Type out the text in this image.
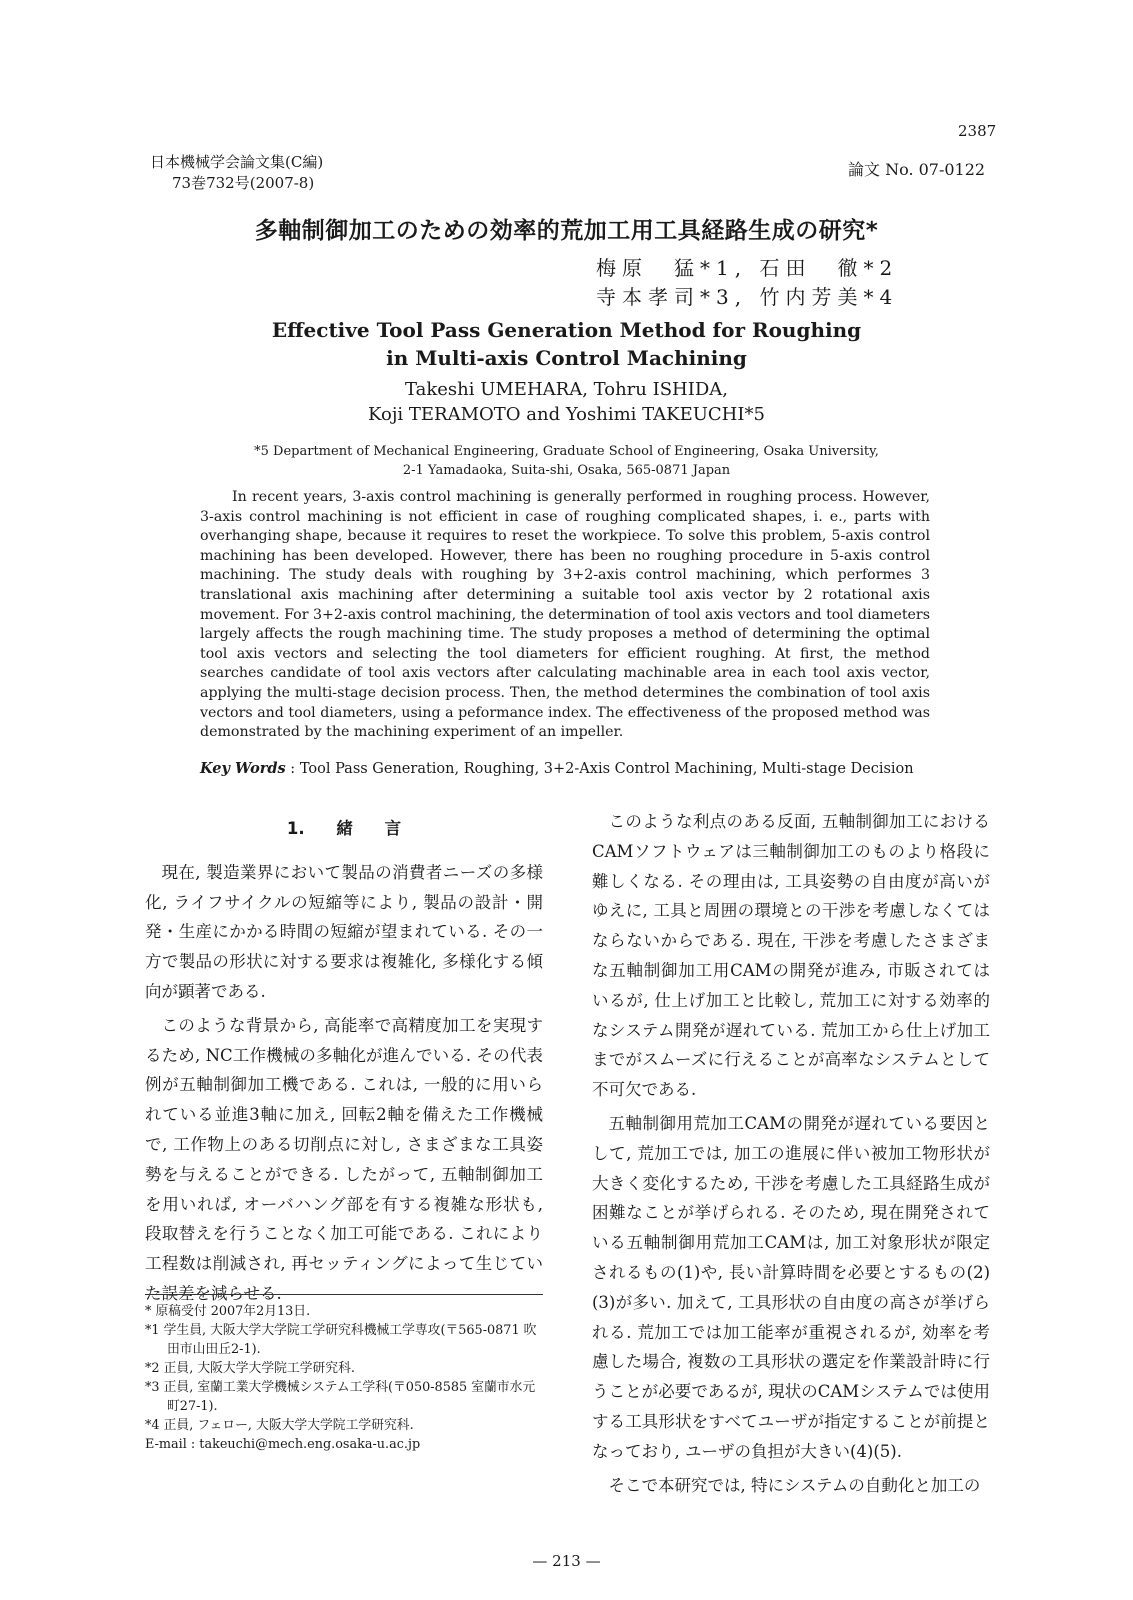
2387
日本機械学会論文集(C編)
73巻732号(2007-8)
論文 No. 07-0122
多軸制御加工のための効率的荒加工用工具経路生成の研究*
梅原　猛*1, 石田　徹*2
寺本孝司*3, 竹内芳美*4
Effective Tool Pass Generation Method for Roughing
in Multi-axis Control Machining
Takeshi UMEHARA, Tohru ISHIDA,
Koji TERAMOTO and Yoshimi TAKEUCHI*5
*5 Department of Mechanical Engineering, Graduate School of Engineering, Osaka University,
2-1 Yamadaoka, Suita-shi, Osaka, 565-0871 Japan

In recent years, 3-axis control machining is generally performed in roughing process. However, 3-axis control machining is not efficient in case of roughing complicated shapes, i. e., parts with overhanging shape, because it requires to reset the workpiece. To solve this problem, 5-axis control machining has been developed. However, there has been no roughing procedure in 5-axis control machining. The study deals with roughing by 3+2-axis control machining, which performes 3 translational axis machining after determining a suitable tool axis vector by 2 rotational axis movement. For 3+2-axis control machining, the determination of tool axis vectors and tool diameters largely affects the rough machining time. The study proposes a method of determining the optimal tool axis vectors and selecting the tool diameters for efficient roughing. At first, the method searches candidate of tool axis vectors after calculating machinable area in each tool axis vector, applying the multi-stage decision process. Then, the method determines the combination of tool axis vectors and tool diameters, using a peformance index. The effectiveness of the proposed method was demonstrated by the machining experiment of an impeller.

Key Words : Tool Pass Generation, Roughing, 3+2-Axis Control Machining, Multi-stage Decision
1. 緒 言

現在, 製造業界において製品の消費者ニーズの多様化, ライフサイクルの短縮等により, 製品の設計・開発・生産にかかる時間の短縮が望まれている. その一方で製品の形状に対する要求は複雑化, 多様化する傾向が顕著である.

このような背景から, 高能率で高精度加工を実現するため, NC工作機械の多軸化が進んでいる. その代表例が五軸制御加工機である. これは, 一般的に用いられている並進3軸に加え, 回転2軸を備えた工作機械で, 工作物上のある切削点に対し, さまざまな工具姿勢を与えることができる. したがって, 五軸制御加工を用いれば, オーバハング部を有する複雑な形状も, 段取替えを行うことなく加工可能である. これにより工程数は削減され, 再セッティングによって生じていた誤差を減らせる.

このような利点のある反面, 五軸制御加工におけるCAMソフトウェアは三軸制御加工のものより格段に難しくなる. その理由は, 工具姿勢の自由度が高いがゆえに, 工具と周囲の環境との干渉を考慮しなくてはならないからである. 現在, 干渉を考慮したさまざまな五軸制御加工用CAMの開発が進み, 市販されてはいるが, 仕上げ加工と比較し, 荒加工に対する効率的なシステム開発が遅れている. 荒加工から仕上げ加工までがスムーズに行えることが高率なシステムとして不可欠である.

五軸制御用荒加工CAMの開発が遅れている要因として, 荒加工では, 加工の進展に伴い被加工物形状が大きく変化するため, 干渉を考慮した工具経路生成が困難なことが挙げられる. そのため, 現在開発されている五軸制御用荒加工CAMは, 加工対象形状が限定されるもの(1)や, 長い計算時間を必要とするもの(2)(3)が多い. 加えて, 工具形状の自由度の高さが挙げられる. 荒加工では加工能率が重視されるが, 効率を考慮した場合, 複数の工具形状の選定を作業設計時に行うことが必要であるが, 現状のCAMシステムでは使用する工具形状をすべてユーザが指定することが前提となっており, ユーザの負担が大きい(4)(5).

そこで本研究では, 特にシステムの自動化と加工の

* 原稿受付 2007年2月13日.
*1 学生員, 大阪大学大学院工学研究科機械工学専攻(〒565-0871 吹田市山田丘2-1).
*2 正員, 大阪大学大学院工学研究科.
*3 正員, 室蘭工業大学機械システム工学科(〒050-8585 室蘭市水元町27-1).
*4 正員, フェロー, 大阪大学大学院工学研究科.
E-mail : takeuchi@mech.eng.osaka-u.ac.jp
— 213 —
